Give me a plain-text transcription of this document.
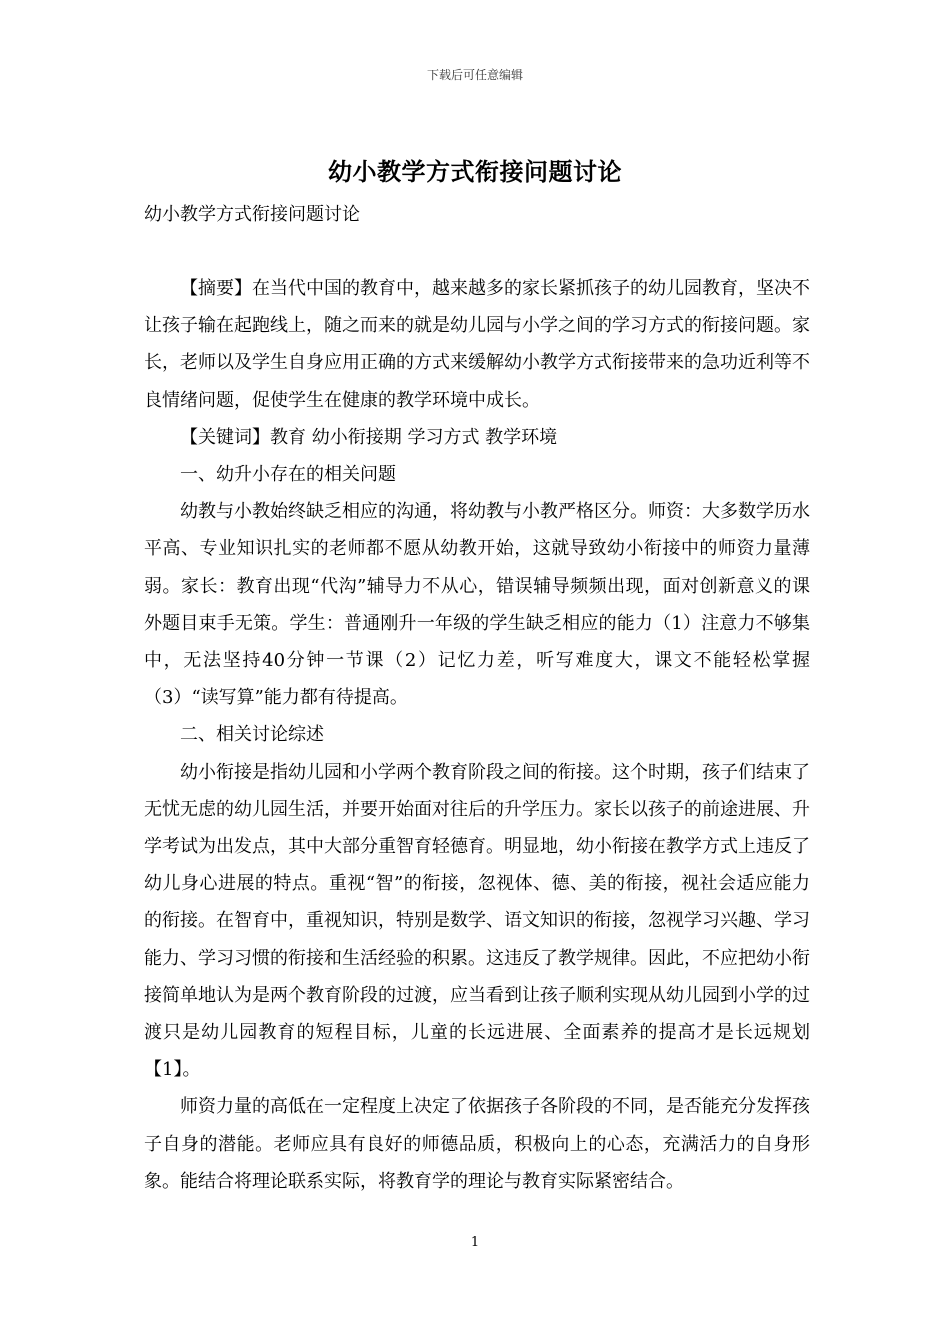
下载后可任意编辑
幼小教学方式衔接问题讨论
幼小教学方式衔接问题讨论

【摘要】在当代中国的教育中，越来越多的家长紧抓孩子的幼儿园教育，坚决不让孩子输在起跑线上，随之而来的就是幼儿园与小学之间的学习方式的衔接问题。家长，老师以及学生自身应用正确的方式来缓解幼小教学方式衔接带来的急功近利等不良情绪问题，促使学生在健康的教学环境中成长。

【关键词】教育 幼小衔接期 学习方式 教学环境

一、幼升小存在的相关问题

幼教与小教始终缺乏相应的沟通，将幼教与小教严格区分。师资：大多数学历水平高、专业知识扎实的老师都不愿从幼教开始，这就导致幼小衔接中的师资力量薄弱。家长：教育出现“代沟”辅导力不从心，错误辅导频频出现，面对创新意义的课外题目束手无策。学生：普通刚升一年级的学生缺乏相应的能力（1）注意力不够集中，无法坚持40分钟一节课（2）记忆力差，听写难度大，课文不能轻松掌握（3）“读写算”能力都有待提高。

二、相关讨论综述

幼小衔接是指幼儿园和小学两个教育阶段之间的衔接。这个时期，孩子们结束了无忧无虑的幼儿园生活，并要开始面对往后的升学压力。家长以孩子的前途进展、升学考试为出发点，其中大部分重智育轻德育。明显地，幼小衔接在教学方式上违反了幼儿身心进展的特点。重视“智”的衔接，忽视体、德、美的衔接，视社会适应能力的衔接。在智育中，重视知识，特别是数学、语文知识的衔接，忽视学习兴趣、学习能力、学习习惯的衔接和生活经验的积累。这违反了教学规律。因此，不应把幼小衔接简单地认为是两个教育阶段的过渡，应当看到让孩子顺利实现从幼儿园到小学的过渡只是幼儿园教育的短程目标，儿童的长远进展、全面素养的提高才是长远规划【1】。

师资力量的高低在一定程度上决定了依据孩子各阶段的不同，是否能充分发挥孩子自身的潜能。老师应具有良好的师德品质，积极向上的心态，充满活力的自身形象。能结合将理论联系实际，将教育学的理论与教育实际紧密结合。

1
